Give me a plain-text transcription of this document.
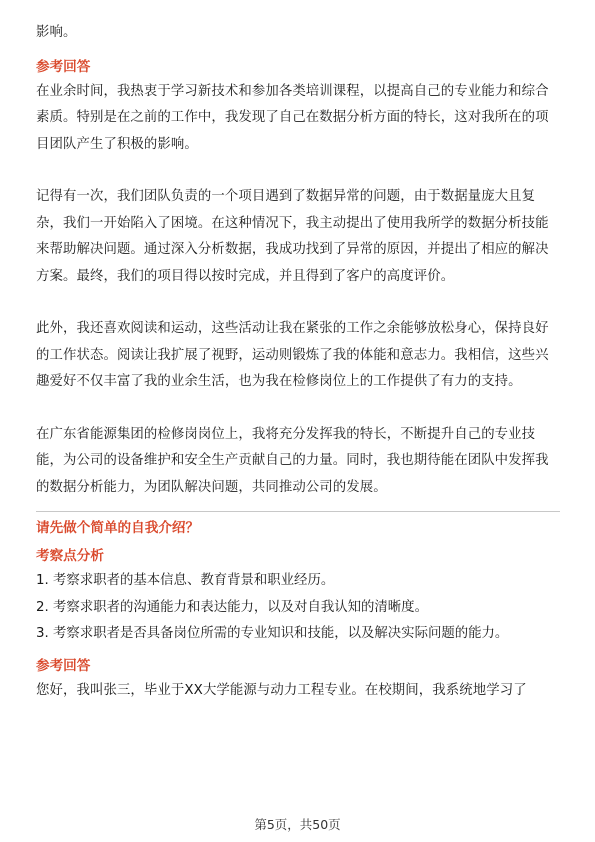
影响。

参考回答

在业余时间，我热衷于学习新技术和参加各类培训课程，以提高自己的专业能力和综合素质。特别是在之前的工作中，我发现了自己在数据分析方面的特长，这对我所在的项目团队产生了积极的影响。

记得有一次，我们团队负责的一个项目遇到了数据异常的问题，由于数据量庞大且复杂，我们一开始陷入了困境。在这种情况下，我主动提出了使用我所学的数据分析技能来帮助解决问题。通过深入分析数据，我成功找到了异常的原因，并提出了相应的解决方案。最终，我们的项目得以按时完成，并且得到了客户的高度评价。

此外，我还喜欢阅读和运动，这些活动让我在紧张的工作之余能够放松身心，保持良好的工作状态。阅读让我扩展了视野，运动则锻炼了我的体能和意志力。我相信，这些兴趣爱好不仅丰富了我的业余生活，也为我在检修岗位上的工作提供了有力的支持。

在广东省能源集团的检修岗岗位上，我将充分发挥我的特长，不断提升自己的专业技能，为公司的设备维护和安全生产贡献自己的力量。同时，我也期待能在团队中发挥我的数据分析能力，为团队解决问题，共同推动公司的发展。

请先做个简单的自我介绍？

考察点分析

1. 考察求职者的基本信息、教育背景和职业经历。

2. 考察求职者的沟通能力和表达能力，以及对自我认知的清晰度。

3. 考察求职者是否具备岗位所需的专业知识和技能，以及解决实际问题的能力。

参考回答

您好，我叫张三，毕业于XX大学能源与动力工程专业。在校期间，我系统地学习了

第5页，共50页
